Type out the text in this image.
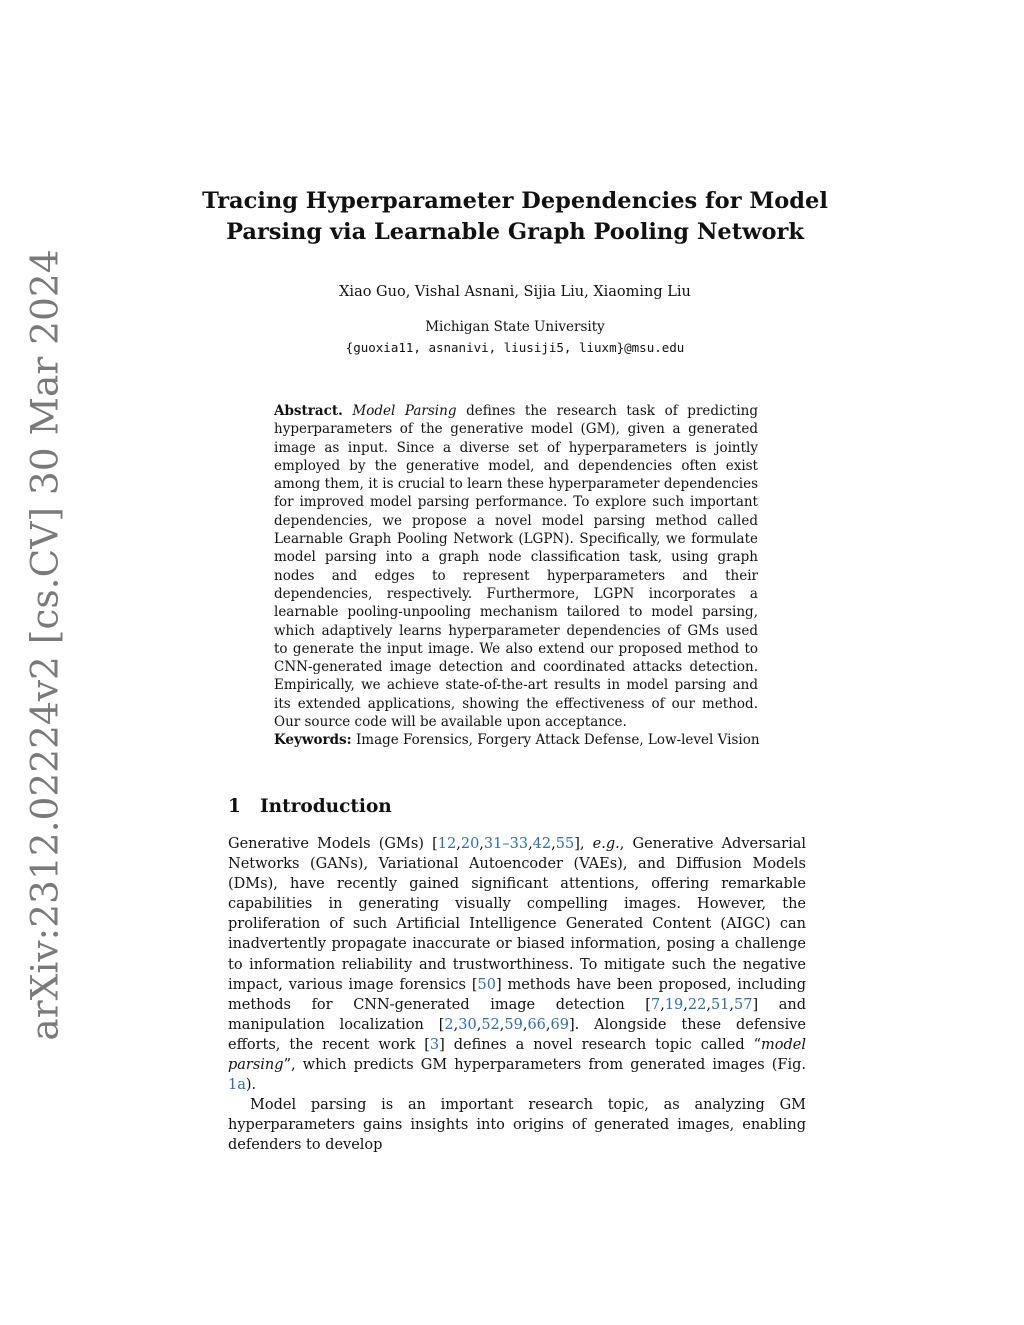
arXiv:2312.02224v2 [cs.CV] 30 Mar 2024
Tracing Hyperparameter Dependencies for Model
Parsing via Learnable Graph Pooling Network
Xiao Guo, Vishal Asnani, Sijia Liu, Xiaoming Liu
Michigan State University
{guoxia11, asnanivi, liusiji5, liuxm}@msu.edu
Abstract. Model Parsing defines the research task of predicting hyperparameters of the generative model (GM), given a generated image as input. Since a diverse set of hyperparameters is jointly employed by the generative model, and dependencies often exist among them, it is crucial to learn these hyperparameter dependencies for improved model parsing performance. To explore such important dependencies, we propose a novel model parsing method called Learnable Graph Pooling Network (LGPN). Specifically, we formulate model parsing into a graph node classification task, using graph nodes and edges to represent hyperparameters and their dependencies, respectively. Furthermore, LGPN incorporates a learnable pooling-unpooling mechanism tailored to model parsing, which adaptively learns hyperparameter dependencies of GMs used to generate the input image. We also extend our proposed method to CNN-generated image detection and coordinated attacks detection. Empirically, we achieve state-of-the-art results in model parsing and its extended applications, showing the effectiveness of our method. Our source code will be available upon acceptance.
Keywords: Image Forensics, Forgery Attack Defense, Low-level Vision
1 Introduction

Generative Models (GMs) [12,20,31–33,42,55], e.g., Generative Adversarial Networks (GANs), Variational Autoencoder (VAEs), and Diffusion Models (DMs), have recently gained significant attentions, offering remarkable capabilities in generating visually compelling images. However, the proliferation of such Artificial Intelligence Generated Content (AIGC) can inadvertently propagate inaccurate or biased information, posing a challenge to information reliability and trustworthiness. To mitigate such the negative impact, various image forensics [50] methods have been proposed, including methods for CNN-generated image detection [7,19,22,51,57] and manipulation localization [2,30,52,59,66,69]. Alongside these defensive efforts, the recent work [3] defines a novel research topic called “model parsing”, which predicts GM hyperparameters from generated images (Fig. 1a).

Model parsing is an important research topic, as analyzing GM hyperparameters gains insights into origins of generated images, enabling defenders to develop
